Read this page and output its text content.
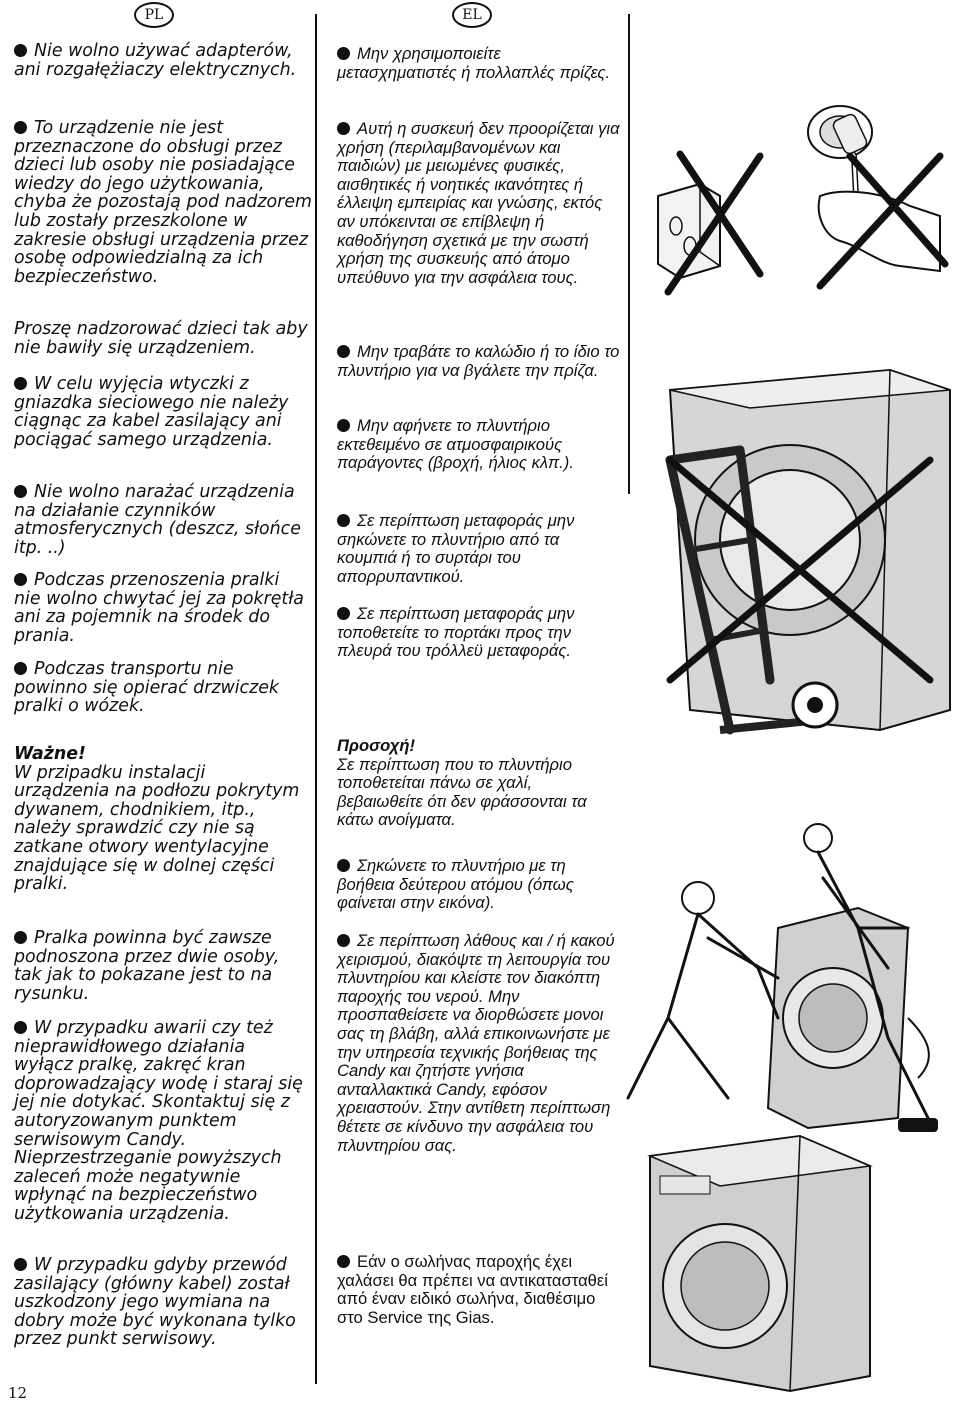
PL	EL

Nie wolno używać adapterów, ani rozgałężiaczy elektrycznych.

To urządzenie nie jest przeznaczone do obsługi przez dzieci lub osoby nie posiadające wiedzy do jego użytkowania, chyba że pozostają pod nadzorem lub zostały przeszkolone w zakresie obsługi urządzenia przez osobę odpowiedzialną za ich bezpieczeństwo.

Proszę nadzorować dzieci tak aby nie bawiły się urządzeniem.

W celu wyjęcia wtyczki z gniazdka sieciowego nie należy ciągnąc za kabel zasilający ani pociągać samego urządzenia.

Nie wolno narażać urządzenia na działanie czynników atmosferycznych (deszcz, słońce itp. ..)

Podczas przenoszenia pralki nie wolno chwytać jej za pokrętła ani za pojemnik na środek do prania.

Podczas transportu nie powinno się opierać drzwiczek pralki o wózek.

Ważne!
W przipadku instalacji urządzenia na podłozu pokrytym dywanem, chodnikiem, itp., należy sprawdzić czy nie są zatkane otwory wentylacyjne znajdujące się w dolnej części pralki.

Pralka powinna być zawsze podnoszona przez dwie osoby, tak jak to pokazane jest to na rysunku.

W przypadku awarii czy też nieprawidłowego działania wyłącz pralkę, zakręć kran doprowadzający wodę i staraj się jej nie dotykać. Skontaktuj się z autoryzowanym punktem serwisowym Candy. Nieprzestrzeganie powyższych zaleceń może negatywnie wpłynąć na bezpieczeństwo użytkowania urządzenia.

W przypadku gdyby przewód zasilający (główny kabel) został uszkodzony jego wymiana na dobry może być wykonana tylko przez punkt serwisowy.

12

Μην χρησιμοποιείτε μετασχηματιστές ή πολλαπλές πρίζες.

Αυτή η συσκευή δεν προορίζεται για χρήση (περιλαμβανομένων και παιδιών) με μειωμένες φυσικές, αισθητικές ή νοητικές ικανότητες ή έλλειψη εμπειρίας και γνώσης, εκτός αν υπόκεινται σε επίβλεψη ή καθοδήγηση σχετικά με την σωστή χρήση της συσκευής από άτομο υπεύθυνο για την ασφάλεια τους.

Μην τραβάτε το καλώδιο ή το ίδιο το πλυντήριο για να βγάλετε την πρίζα.

Μην αφήνετε το πλυντήριο εκτεθειμένο σε ατμοσφαιρικούς παράγοντες (βροχή, ήλιος κλπ.).

Σε περίπτωση μεταφοράς μην σηκώνετε το πλυντήριο από τα κουμπιά ή το συρτάρι του απορρυπαντικού.

Σε περίπτωση μεταφοράς μην τοποθετείτε το πορτάκι προς την πλευρά του τρόλλεϋ μεταφοράς.

Προσοχή!
Σε περίπτωση που το πλυντήριο τοποθετείται πάνω σε χαλί, βεβαιωθείτε ότι δεν φράσσονται τα κάτω ανοίγματα.

Σηκώνετε το πλυντήριο με τη βοήθεια δεύτερου ατόμου (όπως φαίνεται στην εικόνα).

Σε περίπτωση λάθους και / ή κακού χειρισμού, διακόψτε τη λειτουργία του πλυντηρίου και κλείστε τον διακόπτη παροχής του νερού. Μην προσπαθείσετε να διορθώσετε μονοι σας τη βλάβη, αλλά επικοινωνήστε με την υπηρεσία τεχνικής βοήθειας της Candy και ζητήστε γνήσια ανταλλακτικά Candy, εφόσον χρειαστούν. Στην αντίθετη περίπτωση θέτετε σε κίνδυνο την ασφάλεια του πλυντηρίου σας.

Εάν ο σωλήνας παροχής έχει χαλάσει θα πρέπει να αντικατασταθεί από έναν ειδικό σωλήνα, διαθέσιμο στο Service της Gias.
